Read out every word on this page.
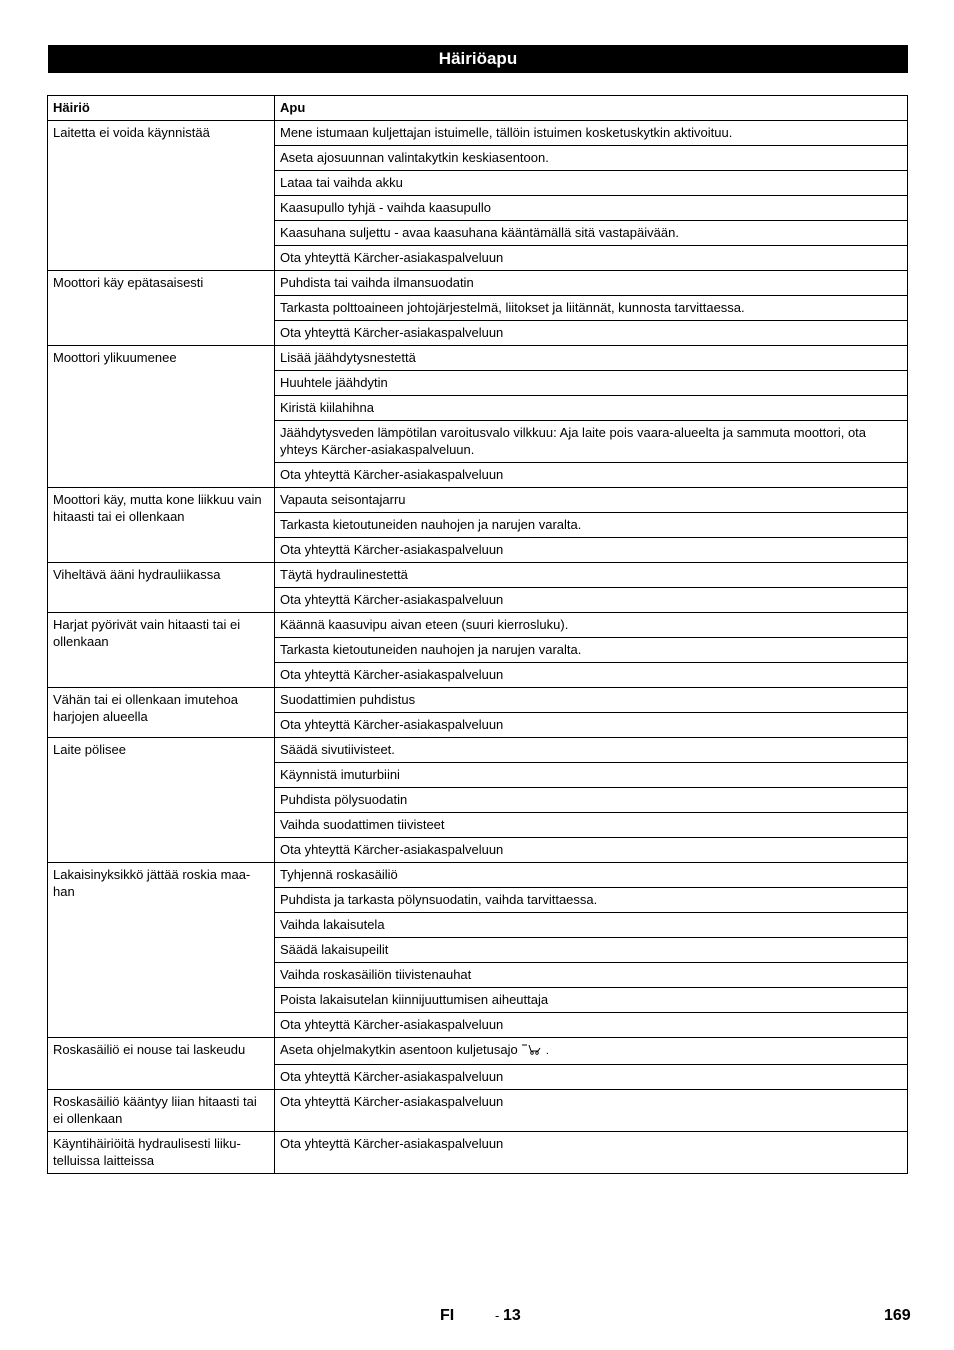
Häiriöapu
Häiriö	Apu
Laitetta ei voida käynnistää	Mene istumaan kuljettajan istuimelle, tällöin istuimen kosketuskytkin aktivoituu.
	Aseta ajosuunnan valintakytkin keskiasentoon.
	Lataa tai vaihda akku
	Kaasupullo tyhjä - vaihda kaasupullo
	Kaasuhana suljettu - avaa kaasuhana kääntämällä sitä vastapäivään.
	Ota yhteyttä Kärcher-asiakaspalveluun
Moottori käy epätasaisesti	Puhdista tai vaihda ilmansuodatin
	Tarkasta polttoaineen johtojärjestelmä, liitokset ja liitännät, kunnosta tarvittaessa.
	Ota yhteyttä Kärcher-asiakaspalveluun
Moottori ylikuumenee	Lisää jäähdytysnestettä
	Huuhtele jäähdytin
	Kiristä kiilahihna
	Jäähdytysveden lämpötilan varoitusvalo vilkkuu: Aja laite pois vaara-alueelta ja sammuta moottori, ota yhteys Kärcher-asiakaspalveluun.
	Ota yhteyttä Kärcher-asiakaspalveluun
Moottori käy, mutta kone liikkuu vain hitaasti tai ei ollenkaan	Vapauta seisontajarru
	Tarkasta kietoutuneiden nauhojen ja narujen varalta.
	Ota yhteyttä Kärcher-asiakaspalveluun
Viheltävä ääni hydrauliikassa	Täytä hydraulinestettä
	Ota yhteyttä Kärcher-asiakaspalveluun
Harjat pyörivät vain hitaasti tai ei ollenkaan	Käännä kaasuvipu aivan eteen (suuri kierrosluku).
	Tarkasta kietoutuneiden nauhojen ja narujen varalta.
	Ota yhteyttä Kärcher-asiakaspalveluun
Vähän tai ei ollenkaan imutehoa harjojen alueella	Suodattimien puhdistus
	Ota yhteyttä Kärcher-asiakaspalveluun
Laite pölisee	Säädä sivutiivisteet.
	Käynnistä imuturbiini
	Puhdista pölysuodatin
	Vaihda suodattimen tiivisteet
	Ota yhteyttä Kärcher-asiakaspalveluun
Lakaisinyksikkö jättää roskia maa-han	Tyhjennä roskasäiliö
	Puhdista ja tarkasta pölynsuodatin, vaihda tarvittaessa.
	Vaihda lakaisutela
	Säädä lakaisupeilit
	Vaihda roskasäiliön tiivistenauhat
	Poista lakaisutelan kiinnijuuttumisen aiheuttaja
	Ota yhteyttä Kärcher-asiakaspalveluun
Roskasäiliö ei nouse tai laskeudu	Aseta ohjelmakytkin asentoon kuljetusajo  .
	Ota yhteyttä Kärcher-asiakaspalveluun
Roskasäiliö kääntyy liian hitaasti tai ei ollenkaan	Ota yhteyttä Kärcher-asiakaspalveluun
Käyntihäiriöitä hydraulisesti liiku-telluissa laitteissa	Ota yhteyttä Kärcher-asiakaspalveluun
FI	- 13	169
